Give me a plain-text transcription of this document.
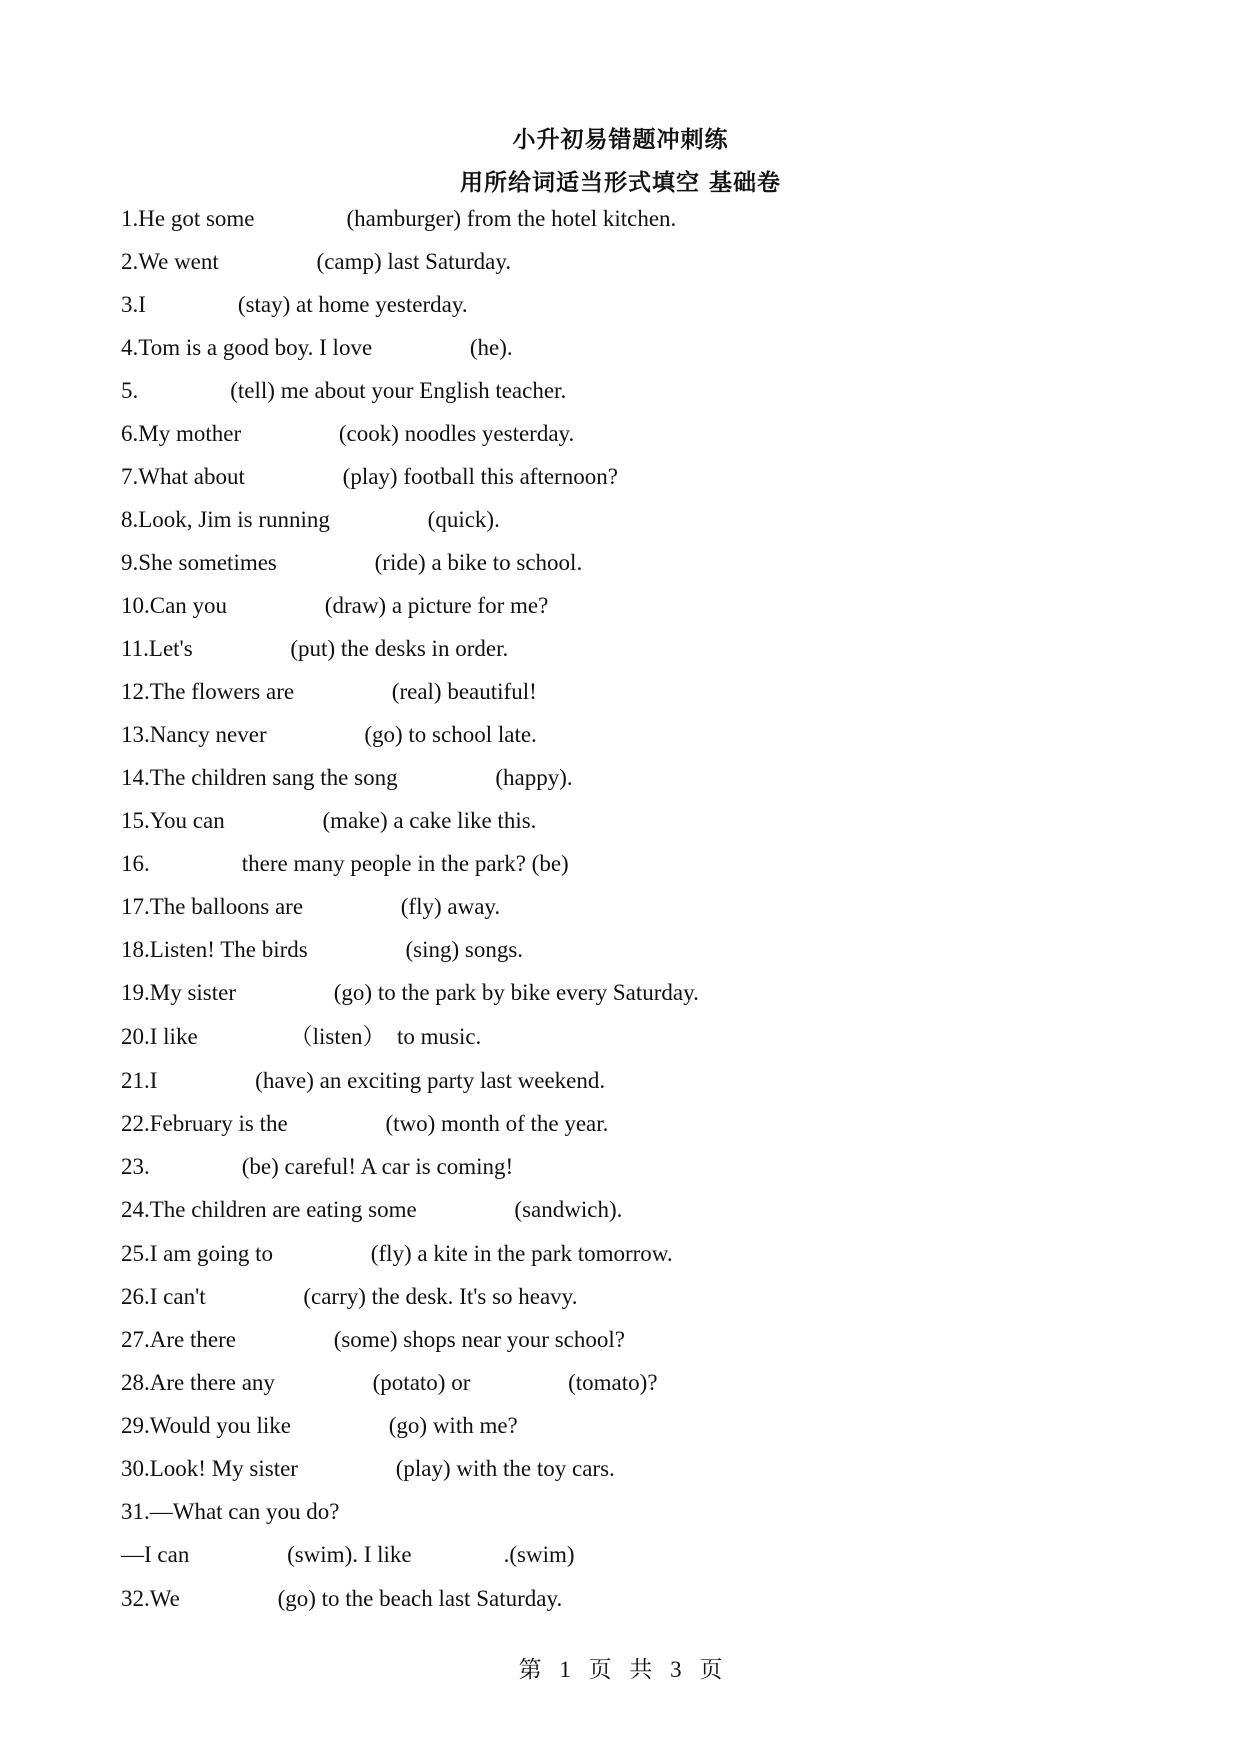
小升初易错题冲刺练
用所给词适当形式填空 基础卷
1.He got some                (hamburger) from the hotel kitchen.
2.We went                 (camp) last Saturday.
3.I                (stay) at home yesterday.
4.Tom is a good boy. I love                 (he).
5.                (tell) me about your English teacher.
6.My mother                 (cook) noodles yesterday.
7.What about                 (play) football this afternoon?
8.Look, Jim is running                 (quick).
9.She sometimes                 (ride) a bike to school.
10.Can you                 (draw) a picture for me?
11.Let's                 (put) the desks in order.
12.The flowers are                 (real) beautiful!
13.Nancy never                 (go) to school late.
14.The children sang the song                 (happy).
15.You can                 (make) a cake like this.
16.                there many people in the park? (be)
17.The balloons are                 (fly) away.
18.Listen! The birds                 (sing) songs.
19.My sister                 (go) to the park by bike every Saturday.
20.I like                （listen）  to music.
21.I                 (have) an exciting party last weekend.
22.February is the                 (two) month of the year.
23.                (be) careful! A car is coming!
24.The children are eating some                 (sandwich).
25.I am going to                 (fly) a kite in the park tomorrow.
26.I can't                 (carry) the desk. It's so heavy.
27.Are there                 (some) shops near your school?
28.Are there any                 (potato) or                 (tomato)?
29.Would you like                 (go) with me?
30.Look! My sister                 (play) with the toy cars.
31.—What can you do?
—I can                 (swim). I like                .(swim)
32.We                 (go) to the beach last Saturday.
第 1 页 共 3 页
